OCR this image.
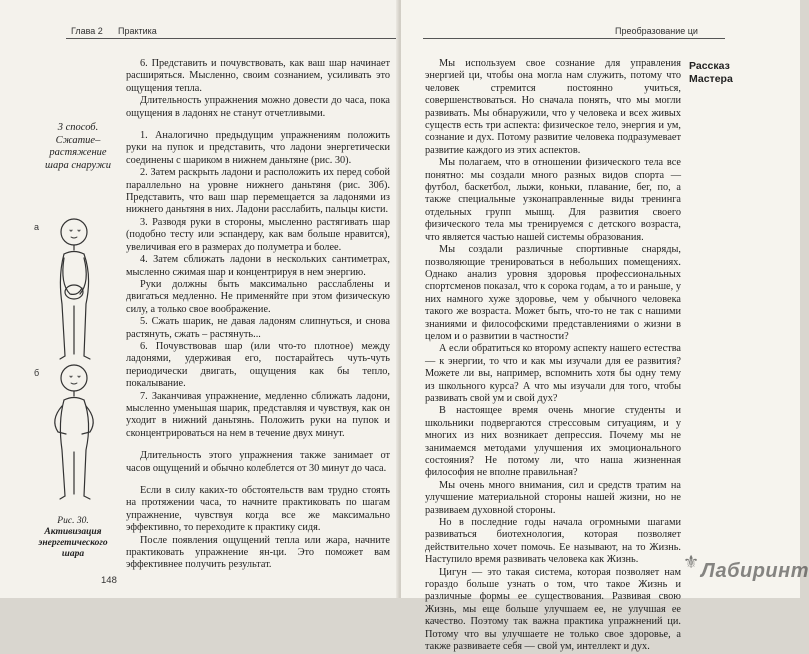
Глава 2 Практика
3 способ.
Сжатие–
растяжение
шара снаружи
а
б
Рис. 30.
Активизация
энергетического
шара
148

6. Представить и почувствовать, как ваш шар начинает расширяться. Мысленно, своим сознанием, усиливать это ощущения тепла.

Длительность упражнения можно довести до часа, пока ощущения в ладонях не станут отчетливыми.

1. Аналогично предыдущим упражнениям положить руки на пупок и представить, что ладони энергетически соединены с шариком в нижнем даньтяне (рис. 30).

2. Затем раскрыть ладони и расположить их перед собой параллельно на уровне нижнего даньтяня (рис. 30б). Представить, что ваш шар перемещается за ладонями из нижнего даньтяня в них. Ладони расслабить, пальцы кисти.

3. Разводя руки в стороны, мысленно растягивать шар (подобно тесту или эспандеру, как вам больше нравится), увеличивая его в размерах до полуметра и более.

4. Затем сближать ладони в нескольких сантиметрах, мысленно сжимая шар и концентрируя в нем энергию.

Руки должны быть максимально расслаблены и двигаться медленно. Не применяйте при этом физическую силу, а только свое воображение.

5. Сжать шарик, не давая ладоням слипнуться, и снова растянуть, сжать – растянуть...

6. Почувствовав шар (или что-то плотное) между ладонями, удерживая его, постарайтесь чуть-чуть периодически двигать, ощущения как бы тепло, покалывание.

7. Заканчивая упражнение, медленно сближать ладони, мысленно уменьшая шарик, представляя и чувствуя, как он уходит в нижний даньтянь. Положить руки на пупок и сконцентрироваться на нем в течение двух минут.

Длительность этого упражнения также занимает от часов ощущений и обычно колеблется от 30 минут до часа.

Если в силу каких-то обстоятельств вам трудно стоять на протяжении часа, то начните практиковать по шагам упражнение, чувствуя когда все же максимально эффективно, то переходите к практику сидя.

После появления ощущений тепла или жара, начните практиковать упражнение ян-ци. Это поможет вам эффективнее получить результат.

Преобразование ци
Рассказ
Мастера

Мы используем свое сознание для управления энергией ци, чтобы она могла нам служить, потому что человек стремится постоянно учиться, совершенствоваться. Но сначала понять, что мы могли развивать. Мы обнаружили, что у человека и всех живых существ есть три аспекта: физическое тело, энергия и ум, сознание и дух. Потому развитие человека подразумевает развитие каждого из этих аспектов.

Мы полагаем, что в отношении физического тела все понятно: мы создали много разных видов спорта — футбол, баскетбол, лыжи, коньки, плавание, бег, по, а также специальные узконаправленные виды тренинга отдельных групп мышц. Для развития своего физического тела мы тренируемся с детского возраста, что является частью нашей системы образования.

Мы создали различные спортивные снаряды, позволяющие тренироваться в небольших помещениях. Однако анализ уровня здоровья профессиональных спортсменов показал, что к сорока годам, а то и раньше, у них намного хуже здоровье, чем у обычного человека такого же возраста. Может быть, что-то не так с нашими знаниями и философскими представлениями о жизни в целом и о развитии в частности?

А если обратиться ко второму аспекту нашего естества — к энергии, то что и как мы изучали для ее развития? Можете ли вы, например, вспомнить хотя бы одну тему из школьного курса? А что мы изучали для того, чтобы развивать свой ум и свой дух?

В настоящее время очень многие студенты и школьники подвергаются стрессовым ситуациям, и у многих из них возникает депрессия. Почему мы не занимаемся методами улучшения их эмоционального состояния? Не потому ли, что наша жизненная философия не вполне правильная?

Мы очень много внимания, сил и средств тратим на улучшение материальной стороны нашей жизни, но не развиваем духовной стороны.

Но в последние годы начала огромными шагами развиваться биотехнология, которая позволяет действительно хочет помочь. Ее называют, на то Жизнь. Наступило время развивать человека как Жизнь.

Цигун — это такая система, которая позволяет нам гораздо больше узнать о том, что такое Жизнь и различные формы ее существования. Развивая свою Жизнь, мы еще больше улучшаем ее, не улучшая ее качество. Поэтому так важна практика упражнений ци. Потому что вы улучшаете не только свое здоровье, а также развиваете себя — свой ум, интеллект и дух.

⚜ Лабиринт
